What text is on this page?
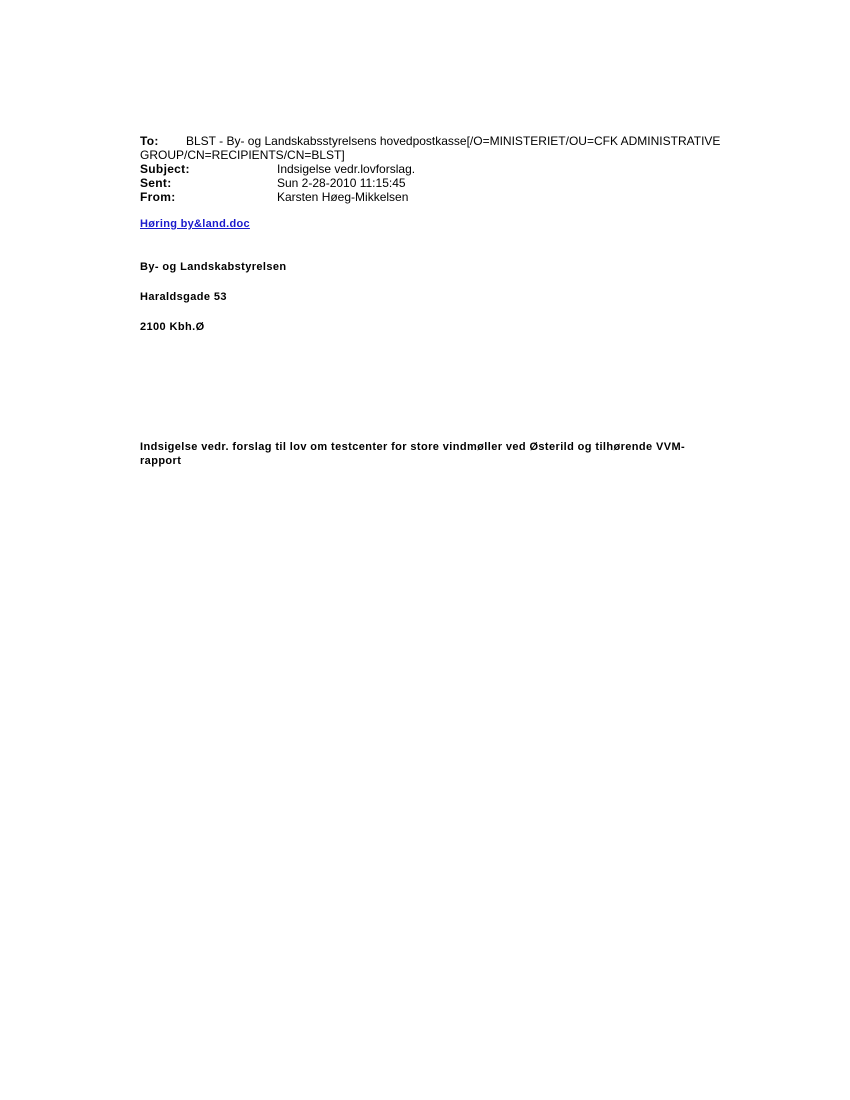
To: BLST - By- og Landskabsstyrelsens hovedpostkasse[/O=MINISTERIET/OU=CFK ADMINISTRATIVE GROUP/CN=RECIPIENTS/CN=BLST]

Subject:	Indsigelse vedr.lovforslag.
Sent:	Sun 2-28-2010 11:15:45
From:	Karsten Høeg-Mikkelsen
Høring by&land.doc

By- og Landskabstyrelsen

Haraldsgade 53

2100 Kbh.Ø

Indsigelse vedr. forslag til lov om testcenter for store vindmøller ved Østerild og tilhørende VVM-rapport
